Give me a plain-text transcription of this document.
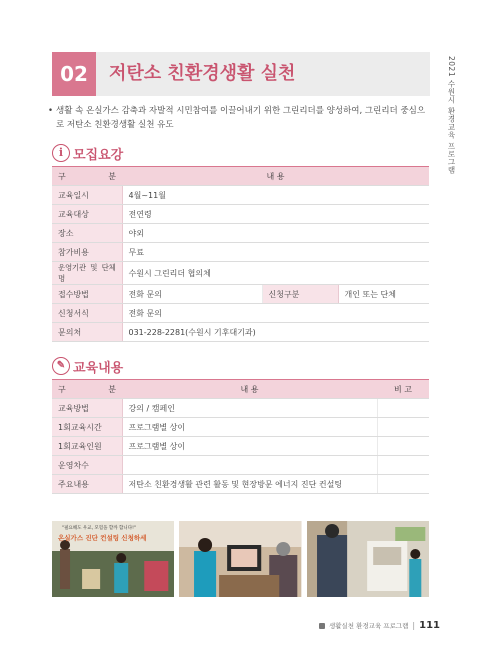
02	저탄소 친환경생활 실천	2021 수원시 환경교육 프로그램
• 생활 속 온실가스 감축과 자발적 시민참여를 이끌어내기 위한 그린리더를 양성하여, 그린리더 중심으로 저탄소 친환경생활 실천 유도
i 모집요강
구 분	내 용		
교육일시	4월~11월		
교육대상	전연령		
장소	야외		
참가비용	무료		
운영기관 및 단체명	수원시 그린리더 협의체		
접수방법	전화 문의	신청구분	개인 또는 단체
신청서식	전화 문의		
문의처	031-228-2281(수원시 기후대기과)		
✎ 교육내용
구 분	내 용	비 고
교육방법	강의 / 캠페인	
1회교육시간	프로그램별 상이	
1회교육인원	프로그램별 상이	
운영차수		
주요내용	저탄소 친환경생활 관련 활동 및 현장방문 에너지 진단 컨설팅	
"필요해도 우교, 모험을 할까 합니다!"
온실가스 진단 컨설팅 신청하세
생활실천 환경교육 프로그램 | 111
